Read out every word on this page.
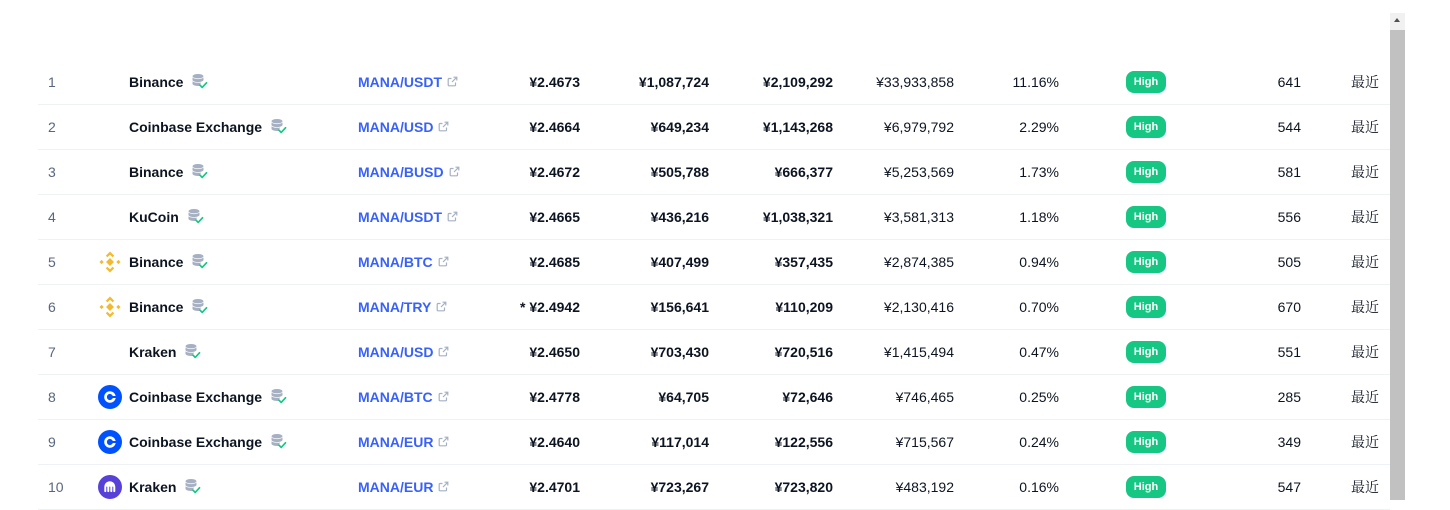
1	Binance	MANA/USDT	¥2.4673	¥1,087,724	¥2,109,292	¥33,933,858	11.16%	High	641	最近
2	Coinbase Exchange	MANA/USD	¥2.4664	¥649,234	¥1,143,268	¥6,979,792	2.29%	High	544	最近
3	Binance	MANA/BUSD	¥2.4672	¥505,788	¥666,377	¥5,253,569	1.73%	High	581	最近
4	KuCoin	MANA/USDT	¥2.4665	¥436,216	¥1,038,321	¥3,581,313	1.18%	High	556	最近
5	Binance	MANA/BTC	¥2.4685	¥407,499	¥357,435	¥2,874,385	0.94%	High	505	最近
6	Binance	MANA/TRY	* ¥2.4942	¥156,641	¥110,209	¥2,130,416	0.70%	High	670	最近
7	Kraken	MANA/USD	¥2.4650	¥703,430	¥720,516	¥1,415,494	0.47%	High	551	最近
8	Coinbase Exchange	MANA/BTC	¥2.4778	¥64,705	¥72,646	¥746,465	0.25%	High	285	最近
9	Coinbase Exchange	MANA/EUR	¥2.4640	¥117,014	¥122,556	¥715,567	0.24%	High	349	最近
10	Kraken	MANA/EUR	¥2.4701	¥723,267	¥723,820	¥483,192	0.16%	High	547	最近
